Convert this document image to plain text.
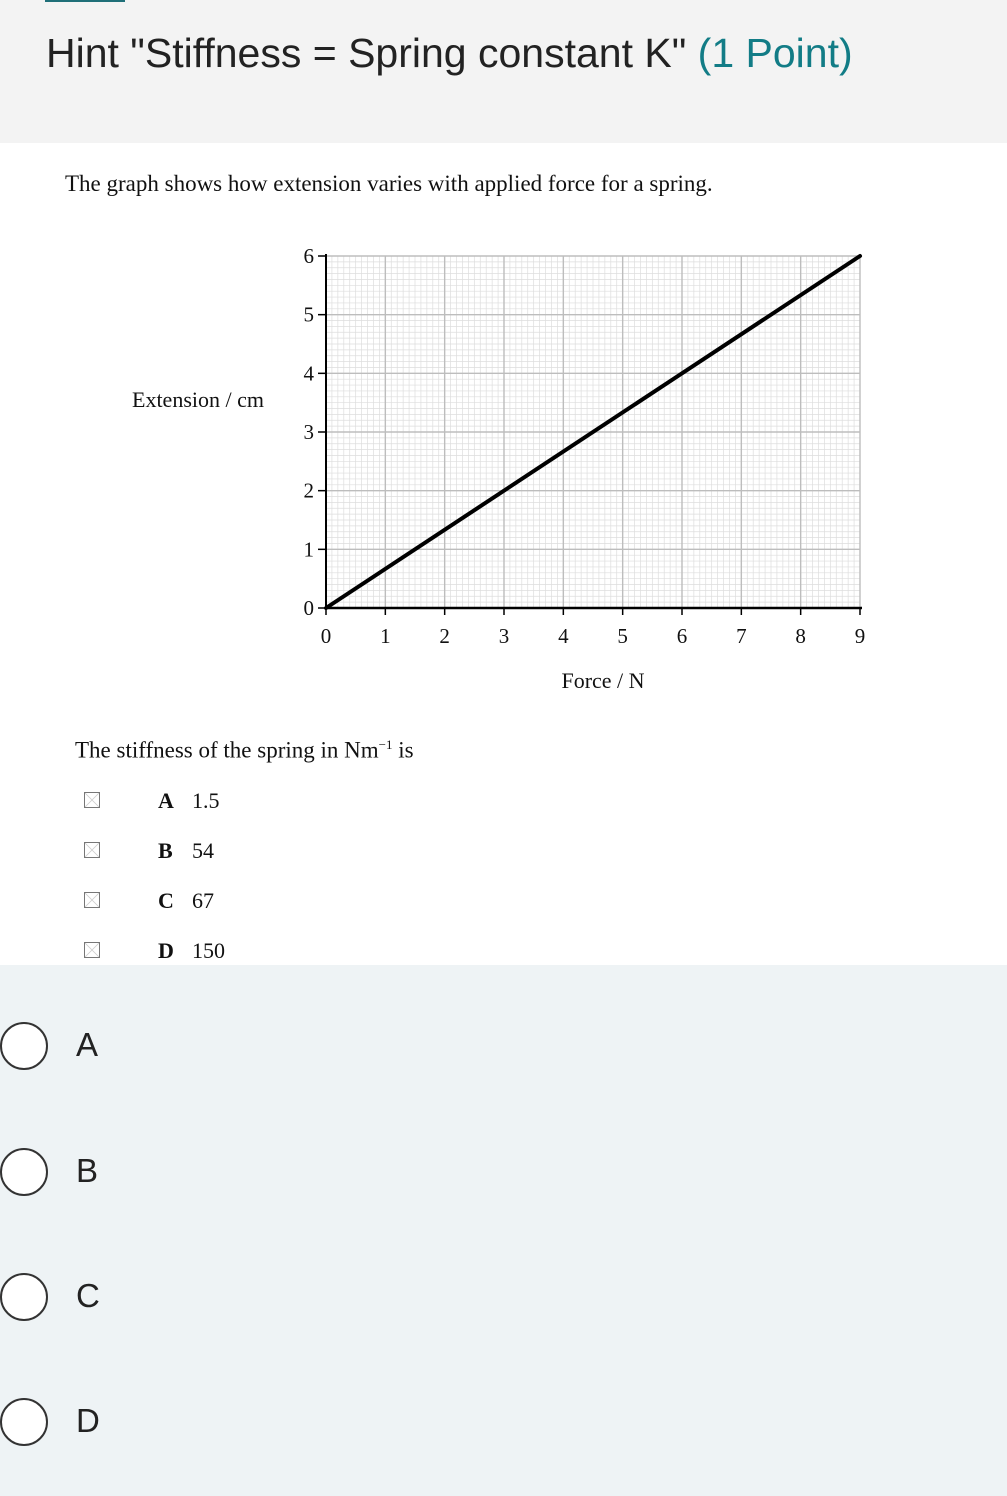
Hint "Stiffness = Spring constant K" (1 Point)
The graph shows how extension varies with applied force for a spring.
0 1 2 3 4 5 6 7 8 9
0
1
2
3
4
5
6
Extension / cm
Force / N
The stiffness of the spring in $Nm^{-1}$ is
A 1.5
B 54
C 67
D 150
A
B
C
D
